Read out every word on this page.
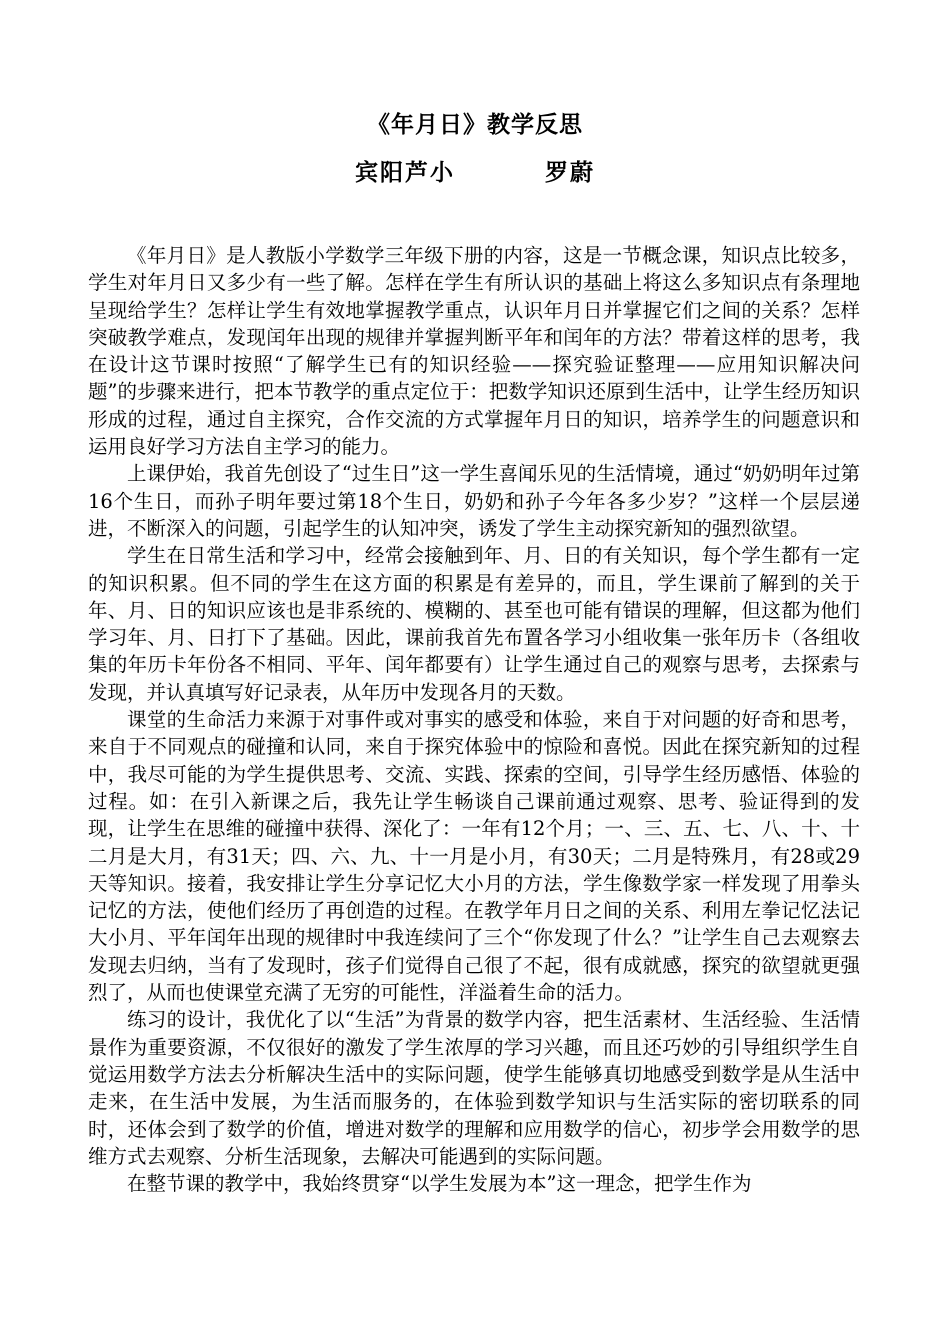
《年月日》教学反思
宾阳芦小   罗蔚

《年月日》是人教版小学数学三年级下册的内容，这是一节概念课，知识点比较多，学生对年月日又多少有一些了解。怎样在学生有所认识的基础上将这么多知识点有条理地呈现给学生？怎样让学生有效地掌握教学重点，认识年月日并掌握它们之间的关系？怎样突破教学难点，发现闰年出现的规律并掌握判断平年和闰年的方法？带着这样的思考，我在设计这节课时按照“了解学生已有的知识经验——探究验证整理——应用知识解决问题”的步骤来进行，把本节教学的重点定位于：把数学知识还原到生活中，让学生经历知识形成的过程，通过自主探究，合作交流的方式掌握年月日的知识，培养学生的问题意识和运用良好学习方法自主学习的能力。

上课伊始，我首先创设了“过生日”这一学生喜闻乐见的生活情境，通过“奶奶明年过第16个生日，而孙子明年要过第18个生日，奶奶和孙子今年各多少岁？”这样一个层层递进，不断深入的问题，引起学生的认知冲突，诱发了学生主动探究新知的强烈欲望。

学生在日常生活和学习中，经常会接触到年、月、日的有关知识，每个学生都有一定的知识积累。但不同的学生在这方面的积累是有差异的，而且，学生课前了解到的关于年、月、日的知识应该也是非系统的、模糊的、甚至也可能有错误的理解，但这都为他们学习年、月、日打下了基础。因此，课前我首先布置各学习小组收集一张年历卡（各组收集的年历卡年份各不相同、平年、闰年都要有）让学生通过自己的观察与思考，去探索与发现，并认真填写好记录表，从年历中发现各月的天数。

课堂的生命活力来源于对事件或对事实的感受和体验，来自于对问题的好奇和思考，来自于不同观点的碰撞和认同，来自于探究体验中的惊险和喜悦。因此在探究新知的过程中，我尽可能的为学生提供思考、交流、实践、探索的空间，引导学生经历感悟、体验的过程。如：在引入新课之后，我先让学生畅谈自己课前通过观察、思考、验证得到的发现，让学生在思维的碰撞中获得、深化了：一年有12个月；一、三、五、七、八、十、十二月是大月，有31天；四、六、九、十一月是小月，有30天；二月是特殊月，有28或29天等知识。接着，我安排让学生分享记忆大小月的方法，学生像数学家一样发现了用拳头记忆的方法，使他们经历了再创造的过程。在教学年月日之间的关系、利用左拳记忆法记大小月、平年闰年出现的规律时中我连续问了三个“你发现了什么？”让学生自己去观察去发现去归纳，当有了发现时，孩子们觉得自己很了不起，很有成就感，探究的欲望就更强烈了，从而也使课堂充满了无穷的可能性，洋溢着生命的活力。

练习的设计，我优化了以“生活”为背景的数学内容，把生活素材、生活经验、生活情景作为重要资源，不仅很好的激发了学生浓厚的学习兴趣，而且还巧妙的引导组织学生自觉运用数学方法去分析解决生活中的实际问题，使学生能够真切地感受到数学是从生活中走来，在生活中发展，为生活而服务的，在体验到数学知识与生活实际的密切联系的同时，还体会到了数学的价值，增进对数学的理解和应用数学的信心，初步学会用数学的思维方式去观察、分析生活现象，去解决可能遇到的实际问题。

在整节课的教学中，我始终贯穿“以学生发展为本”这一理念，把学生作为
